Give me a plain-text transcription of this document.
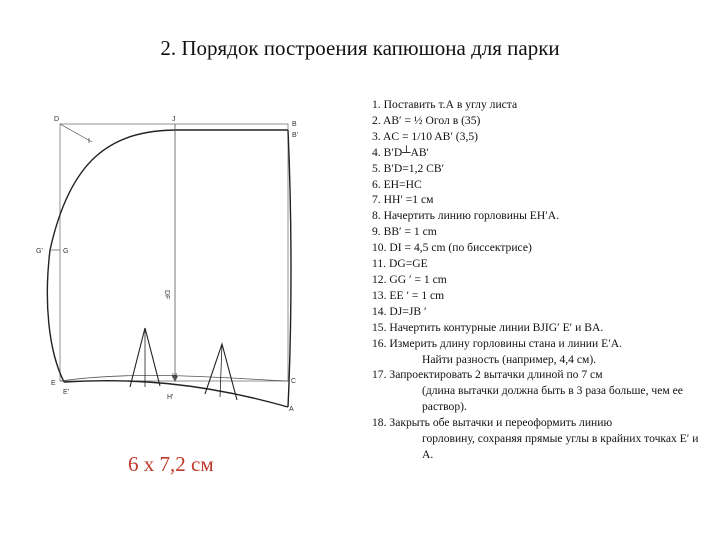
2. Порядок построения капюшона для парки
D	J
B
B'
I
G'	G
DF
E
E'
H
H'
C
A
6 х 7,2 см
1. Поставить т.А в углу листа
2. AB′ = ½ Огол в (35)
3. AC = 1/10 AB′ (3,5)
4. B′D┴AB′
5. B′D=1,2 CB′
6. EH=HC
7. HH′ =1 см
8. Начертить линию горловины EH′A.
9. BB′ = 1 cm
10. DI = 4,5 cm (по биссектрисе)
11. DG=GE
12. GG ′ = 1 cm
13. EE ′ = 1 cm
14. DJ=JB ′
15. Начертить контурные линии BJIG′ E′ и BA.
16. Измерить длину горловины стана и линии E′A.
Найти разность (например, 4,4 см).
17. Запроектировать 2 вытачки длиной по 7 см
(длина вытачки должна быть в 3 раза больше, чем ее раствор).
18. Закрыть обе вытачки и переоформить линию
горловину, сохраняя прямые углы в крайних точках E′ и A.
